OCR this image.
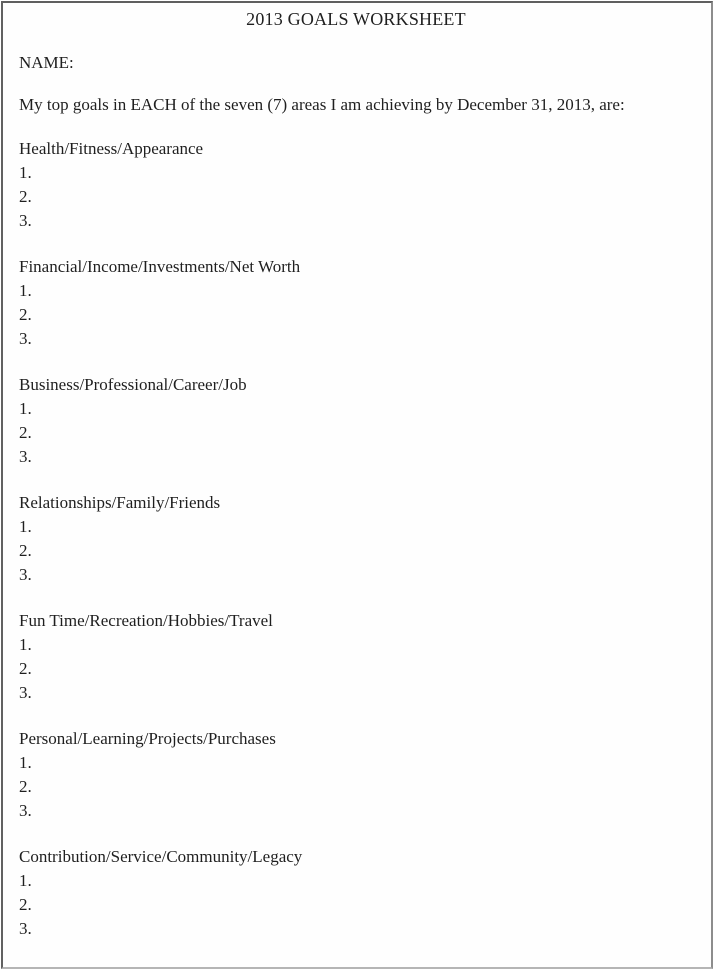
2013 GOALS WORKSHEET
NAME:
My top goals in EACH of the seven (7) areas I am achieving by December 31, 2013, are:
Health/Fitness/Appearance
1.
2.
3.
Financial/Income/Investments/Net Worth
1.
2.
3.
Business/Professional/Career/Job
1.
2.
3.
Relationships/Family/Friends
1.
2.
3.
Fun Time/Recreation/Hobbies/Travel
1.
2.
3.
Personal/Learning/Projects/Purchases
1.
2.
3.
Contribution/Service/Community/Legacy
1.
2.
3.
